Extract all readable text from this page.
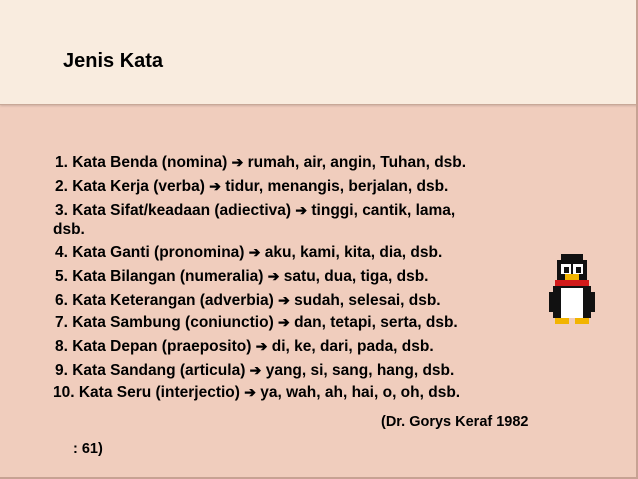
Jenis Kata
1. Kata Benda (nomina) ➔ rumah, air, angin, Tuhan, dsb.
2. Kata Kerja (verba) ➔ tidur, menangis, berjalan, dsb.
3. Kata Sifat/keadaan (adiectiva) ➔ tinggi, cantik, lama,
dsb.
4. Kata Ganti (pronomina) ➔ aku, kami, kita, dia, dsb.
5. Kata Bilangan (numeralia) ➔ satu, dua, tiga, dsb.
6. Kata Keterangan (adverbia) ➔ sudah, selesai, dsb.
7. Kata Sambung (coniunctio) ➔ dan, tetapi, serta, dsb.
8. Kata Depan (praeposito) ➔ di, ke, dari, pada, dsb.
9. Kata Sandang (articula) ➔ yang, si, sang, hang, dsb.
10. Kata Seru (interjectio) ➔ ya, wah, ah, hai, o, oh, dsb.
(Dr. Gorys Keraf 1982
: 61)
